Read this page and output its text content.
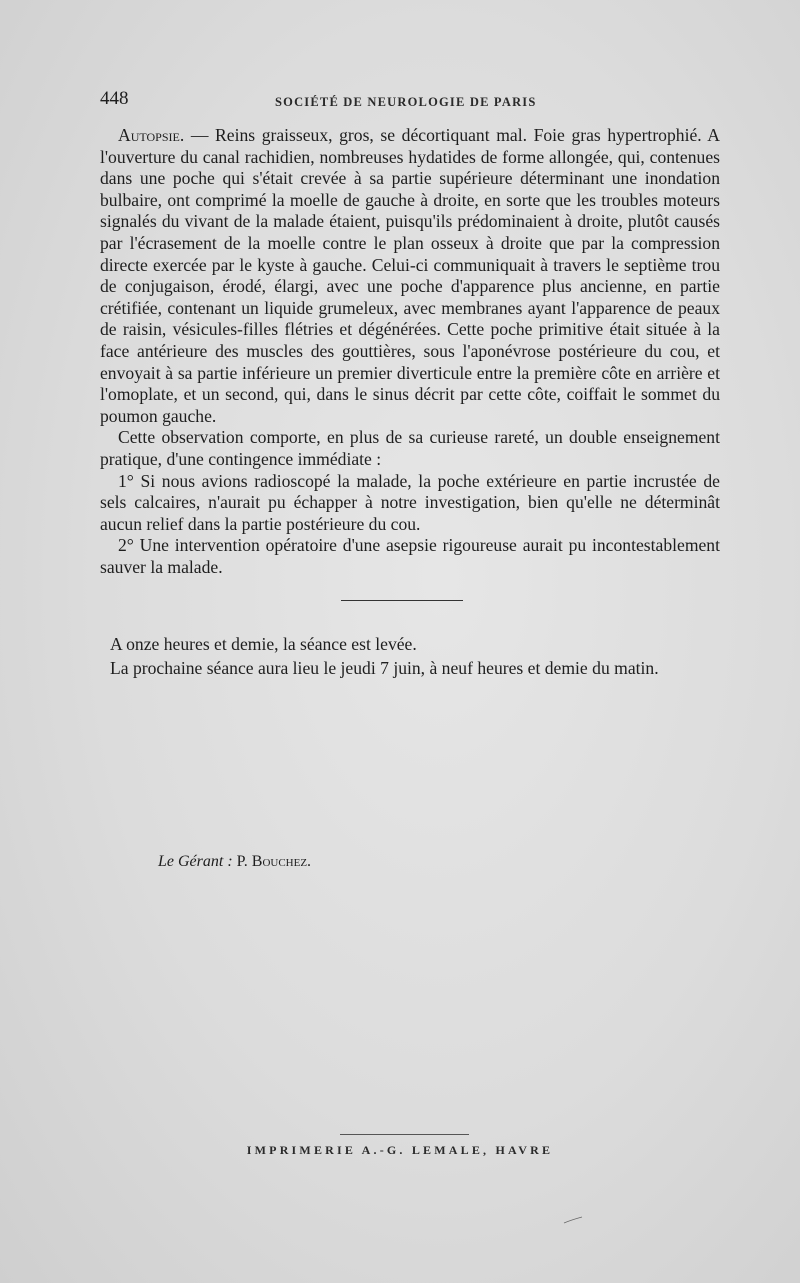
448	SOCIÉTÉ DE NEUROLOGIE DE PARIS

Autopsie. — Reins graisseux, gros, se décortiquant mal. Foie gras hypertrophié. A l'ouverture du canal rachidien, nombreuses hydatides de forme allongée, qui, contenues dans une poche qui s'était crevée à sa partie supérieure déterminant une inondation bulbaire, ont comprimé la moelle de gauche à droite, en sorte que les troubles moteurs signalés du vivant de la malade étaient, puisqu'ils prédominaient à droite, plutôt causés par l'écrasement de la moelle contre le plan osseux à droite que par la compression directe exercée par le kyste à gauche. Celui-ci communiquait à travers le septième trou de conjugaison, érodé, élargi, avec une poche d'apparence plus ancienne, en partie crétifiée, contenant un liquide grumeleux, avec membranes ayant l'apparence de peaux de raisin, vésicules-filles flétries et dégénérées. Cette poche primitive était située à la face antérieure des muscles des gouttières, sous l'aponévrose postérieure du cou, et envoyait à sa partie inférieure un premier diverticule entre la première côte en arrière et l'omoplate, et un second, qui, dans le sinus décrit par cette côte, coiffait le sommet du poumon gauche.

Cette observation comporte, en plus de sa curieuse rareté, un double enseignement pratique, d'une contingence immédiate :

1° Si nous avions radioscopé la malade, la poche extérieure en partie incrustée de sels calcaires, n'aurait pu échapper à notre investigation, bien qu'elle ne déterminât aucun relief dans la partie postérieure du cou.

2° Une intervention opératoire d'une asepsie rigoureuse aurait pu incontestablement sauver la malade.

A onze heures et demie, la séance est levée.

La prochaine séance aura lieu le jeudi 7 juin, à neuf heures et demie du matin.

Le Gérant : P. Bouchez.
IMPRIMERIE A.-G. LEMALE, HAVRE
